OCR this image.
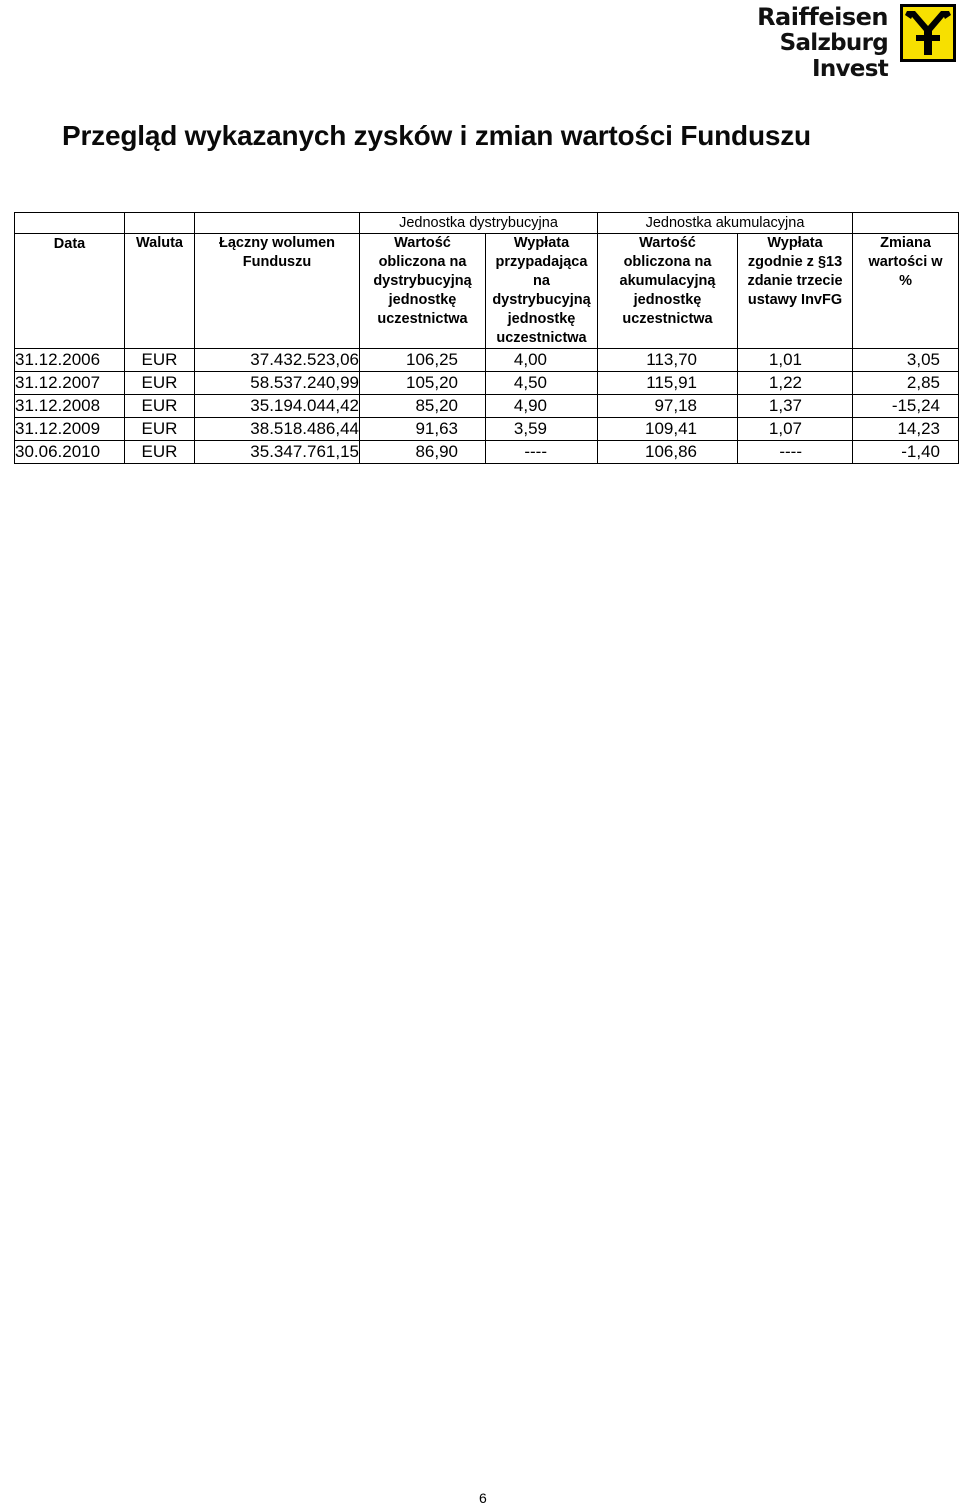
Raiffeisen
Salzburg Invest
Przegląd wykazanych zysków i zmian wartości Funduszu
			Jednostka dystrybucyjna		Jednostka akumulacyjna		
Data	Waluta	Łączny wolumen Funduszu	Wartość obliczona na dystrybucyjną jednostkę uczestnictwa	Wypłata przypadająca na dystrybucyjną jednostkę uczestnictwa	Wartość obliczona na akumulacyjną jednostkę uczestnictwa	Wypłata zgodnie z §13 zdanie trzecie ustawy InvFG	Zmiana wartości w %
31.12.2006	EUR	37.432.523,06	106,25	4,00	113,70	1,01	3,05
31.12.2007	EUR	58.537.240,99	105,20	4,50	115,91	1,22	2,85
31.12.2008	EUR	35.194.044,42	85,20	4,90	97,18	1,37	-15,24
31.12.2009	EUR	38.518.486,44	91,63	3,59	109,41	1,07	14,23
30.06.2010	EUR	35.347.761,15	86,90	----	106,86	----	-1,40
6
